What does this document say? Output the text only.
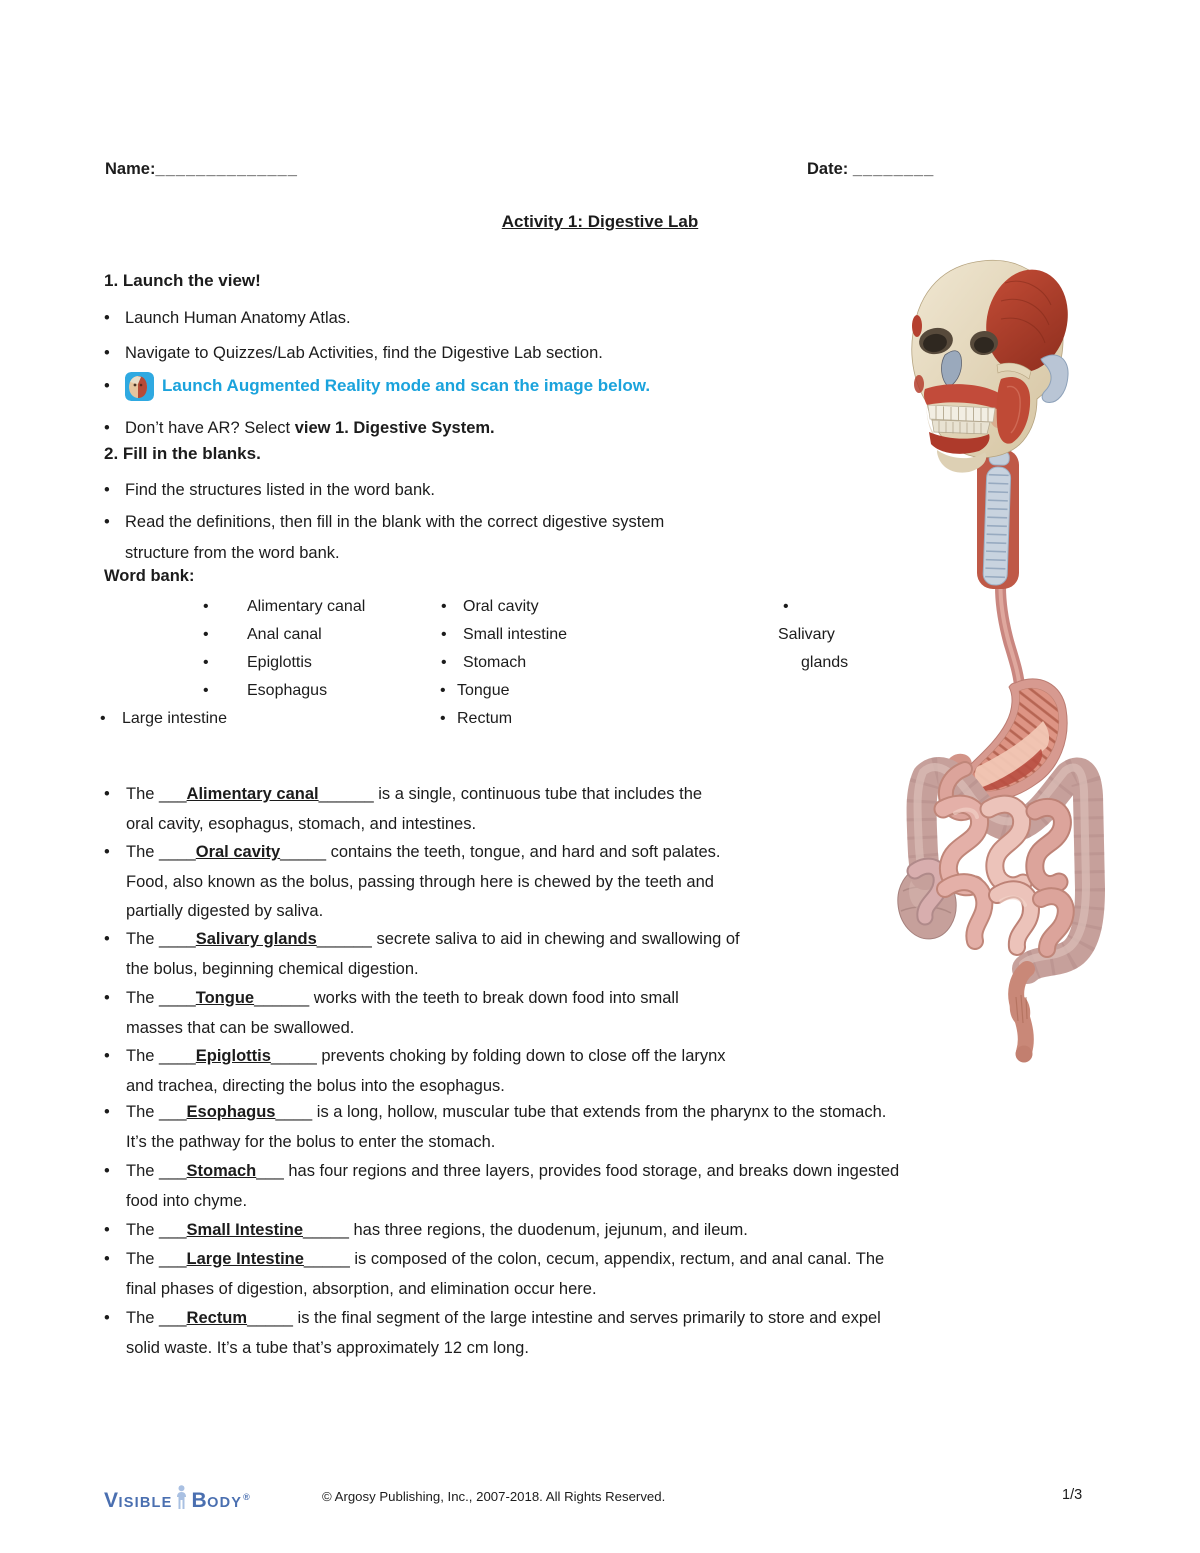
Name:______________	Date: ________
Activity 1: Digestive Lab
1. Launch the view!
• Launch Human Anatomy Atlas.
• Navigate to Quizzes/Lab Activities, find the Digestive Lab section.
•	Launch Augmented Reality mode and scan the image below.
• Don’t have AR? Select view 1. Digestive System.
2. Fill in the blanks.
• Find the structures listed in the word bank.
• Read the definitions, then fill in the blank with the correct digestive system
structure from the word bank.
Word bank:
• Alimentary canal
• Anal canal
• Epiglottis
• Esophagus
• Large intestine
• Oral cavity
• Small intestine
• Stomach
• Tongue
• Rectum
•
Salivary
glands
• The ___Alimentary canal______ is a single, continuous tube that includes the
oral cavity, esophagus, stomach, and intestines.
• The ____Oral cavity_____ contains the teeth, tongue, and hard and soft palates.
Food, also known as the bolus, passing through here is chewed by the teeth and
partially digested by saliva.
• The ____Salivary glands______ secrete saliva to aid in chewing and swallowing of
the bolus, beginning chemical digestion.
• The ____Tongue______ works with the teeth to break down food into small
masses that can be swallowed.
• The ____Epiglottis_____ prevents choking by folding down to close off the larynx
and trachea, directing the bolus into the esophagus.
• The ___Esophagus____ is a long, hollow, muscular tube that extends from the pharynx to the stomach.
It’s the pathway for the bolus to enter the stomach.
• The ___Stomach___ has four regions and three layers, provides food storage, and breaks down ingested
food into chyme.
• The ___Small Intestine_____ has three regions, the duodenum, jejunum, and ileum.
• The ___Large Intestine_____ is composed of the colon, cecum, appendix, rectum, and anal canal. The
final phases of digestion, absorption, and elimination occur here.
• The ___Rectum_____ is the final segment of the large intestine and serves primarily to store and expel
solid waste. It’s a tube that’s approximately 12 cm long.
V ISIBLE B ODY ®	© Argosy Publishing, Inc., 2007-2018. All Rights Reserved.	1/3
